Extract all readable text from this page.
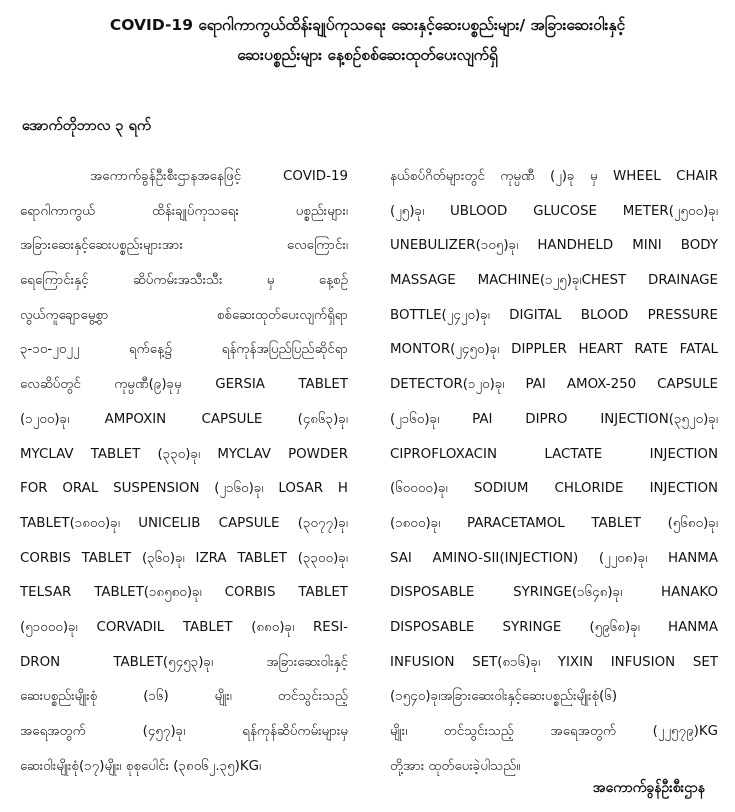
COVID-19 ရောဂါကာကွယ်ထိန်းချုပ်ကုသရေး ဆေးနှင့်ဆေးပစ္စည်းများ/ အခြားဆေးဝါးနှင့်
ဆေးပစ္စည်းများ နေ့စဉ်စစ်ဆေးထုတ်ပေးလျက်ရှိ
အောက်တိုဘာလ ၃ ရက်
အကောက်ခွန်ဦးစီးဌာနအနေဖြင့် COVID-19
ရောဂါကာကွယ် ထိန်းချုပ်ကုသရေး ပစ္စည်းများ၊
အခြားဆေးနှင့်ဆေးပစ္စည်းများအား လေကြောင်း၊
ရေကြောင်းနှင့် ဆိပ်ကမ်းအသီးသီး မှ နေ့စဉ်
လွယ်ကူချောမွေ့စွာ စစ်ဆေးထုတ်ပေးလျက်ရှိရာ
၃-၁၀-၂၀၂၂ ရက်နေ့၌ ရန်ကုန်အပြည်ပြည်ဆိုင်ရာ
လေဆိပ်တွင် ကုမ္ပဏီ(၉)ခုမှ GERSIA TABLET
(၁၂၀၀)ခု၊ AMPOXIN CAPSULE (၄၈၆၃)ခု၊
MYCLAV TABLET (၃၃၀)ခု၊ MYCLAV POWDER
FOR ORAL SUSPENSION (၂၁၆၀)ခု၊ LOSAR H
TABLET(၁၈၀၀)ခု၊ UNICELIB CAPSULE (၃၀၇၇)ခု၊
CORBIS TABLET (၃၆၀)ခု၊ IZRA TABLET (၃၃၀၀)ခု၊
TELSAR TABLET(၁၈၅၈၀)ခု၊ CORBIS TABLET
(၅၁၀၀၀)ခု၊ CORVADIL TABLET (၈၈၀)ခု၊ RESI-
DRON TABLET(၅၄၅၃)ခု၊ အခြားဆေးဝါးနှင့်
ဆေးပစ္စည်းမျိုးစုံ (၁၆) မျိုး၊ တင်သွင်းသည့်
အရေအတွက် (၄၅၇)ခု၊ ရန်ကုန်ဆိပ်ကမ်းများမှ
ဆေးဝါးမျိုးစုံ(၁၇)မျိုး၊ စုစုပေါင်း (၃၈၀၆၂.၃၅)KG၊
နယ်စပ်ဂိတ်များတွင် ကုမ္ပဏီ (၂)ခု မှ WHEEL CHAIR
(၂၅)ခု၊ UBLOOD GLUCOSE METER(၂၅၀၀)ခု၊
UNEBULIZER(၁၀၅)ခု၊ HANDHELD MINI BODY
MASSAGE MACHINE(၁၂၅)ခု၊CHEST DRAINAGE
BOTTLE(၂၄၂၀)ခု၊ DIGITAL BLOOD PRESSURE
MONTOR(၂၄၅၀)ခု၊ DIPPLER HEART RATE FATAL
DETECTOR(၁၂၀)ခု၊ PAI AMOX-250 CAPSULE
(၂၁၆၀)ခု၊ PAI DIPRO INJECTION(၃၅၂၀)ခု၊
CIPROFLOXACIN LACTATE INJECTION
(၆၀၀၀၀)ခု၊ SODIUM CHLORIDE INJECTION
(၁၈၀၀)ခု၊ PARACETAMOL TABLET (၅၆၈၀)ခု၊
SAI AMINO-SII(INJECTION) (၂၂၀၈)ခု၊ HANMA
DISPOSABLE SYRINGE(၁၆၄၈)ခု၊ HANAKO
DISPOSABLE SYRINGE (၅၉၆၈)ခု၊ HANMA
INFUSION SET(၈၁၆)ခု၊ YIXIN INFUSION SET
(၁၅၄၀)ခု၊အခြားဆေးဝါးနှင့်ဆေးပစ္စည်းမျိုးစုံ(၆)
မျိုး၊ တင်သွင်းသည့် အရေအတွက် (၂၂၅၇၉)KG
တို့အား ထုတ်ပေးခဲ့ပါသည်။
အကောက်ခွန်ဦးစီးဌာန
